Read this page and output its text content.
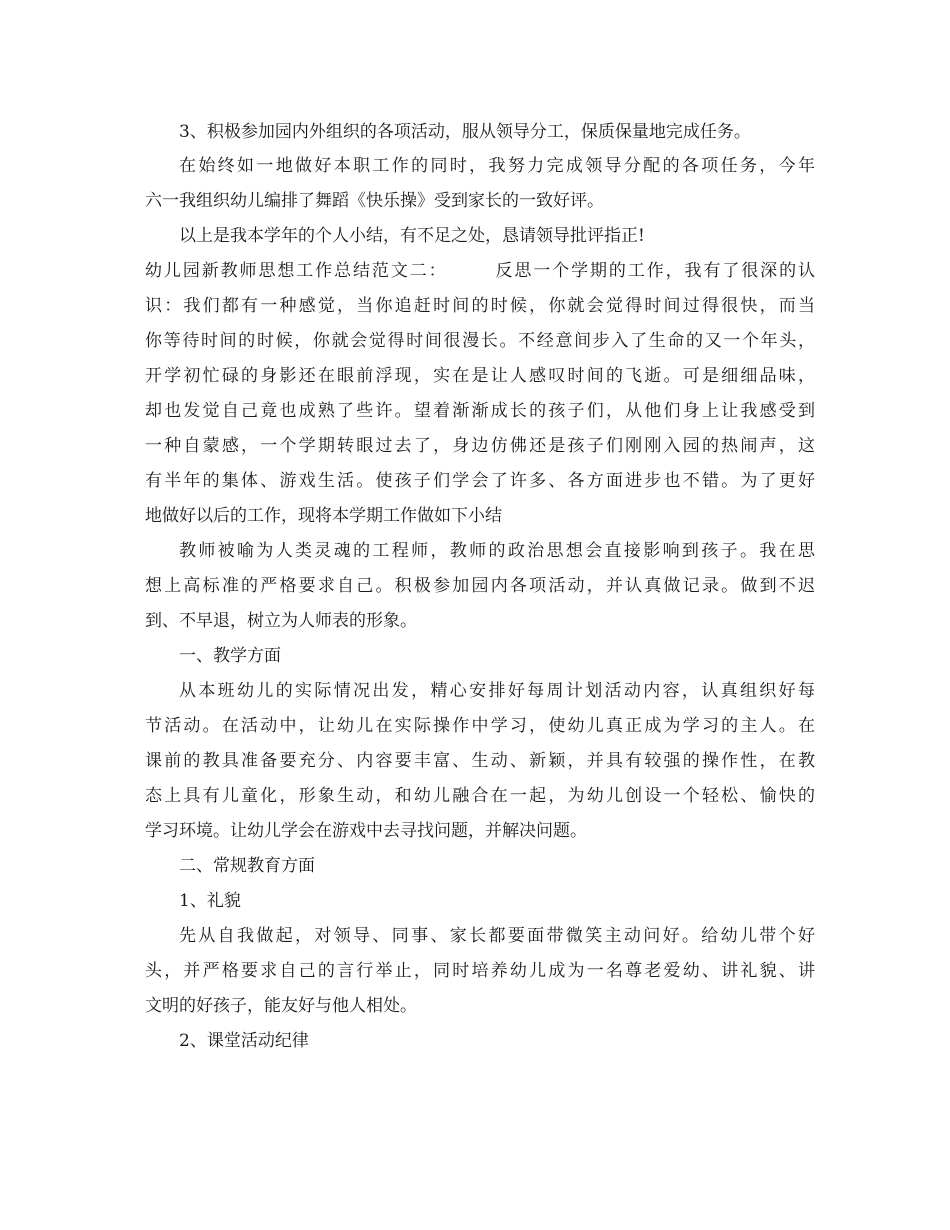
3、积极参加园内外组织的各项活动，服从领导分工，保质保量地完成任务。
在始终如一地做好本职工作的同时，我努力完成领导分配的各项任务，今年
六一我组织幼儿编排了舞蹈《快乐操》受到家长的一致好评。
以上是我本学年的个人小结，有不足之处，恳请领导批评指正!
幼儿园新教师思想工作总结范文二：	反思一个学期的工作，我有了很深的认
识：我们都有一种感觉，当你追赶时间的时候，你就会觉得时间过得很快，而当
你等待时间的时候，你就会觉得时间很漫长。不经意间步入了生命的又一个年头，
开学初忙碌的身影还在眼前浮现，实在是让人感叹时间的飞逝。可是细细品味，
却也发觉自己竟也成熟了些许。望着渐渐成长的孩子们，从他们身上让我感受到
一种自蒙感，一个学期转眼过去了，身边仿佛还是孩子们刚刚入园的热闹声，这
有半年的集体、游戏生活。使孩子们学会了许多、各方面进步也不错。为了更好
地做好以后的工作，现将本学期工作做如下小结
教师被喻为人类灵魂的工程师，教师的政治思想会直接影响到孩子。我在思
想上高标准的严格要求自己。积极参加园内各项活动，并认真做记录。做到不迟
到、不早退，树立为人师表的形象。
一、教学方面
从本班幼儿的实际情况出发，精心安排好每周计划活动内容，认真组织好每
节活动。在活动中，让幼儿在实际操作中学习，使幼儿真正成为学习的主人。在
课前的教具准备要充分、内容要丰富、生动、新颖，并具有较强的操作性，在教
态上具有儿童化，形象生动，和幼儿融合在一起，为幼儿创设一个轻松、愉快的
学习环境。让幼儿学会在游戏中去寻找问题，并解决问题。
二、常规教育方面
1、礼貌
先从自我做起，对领导、同事、家长都要面带微笑主动问好。给幼儿带个好
头，并严格要求自己的言行举止，同时培养幼儿成为一名尊老爱幼、讲礼貌、讲
文明的好孩子，能友好与他人相处。
2、课堂活动纪律
